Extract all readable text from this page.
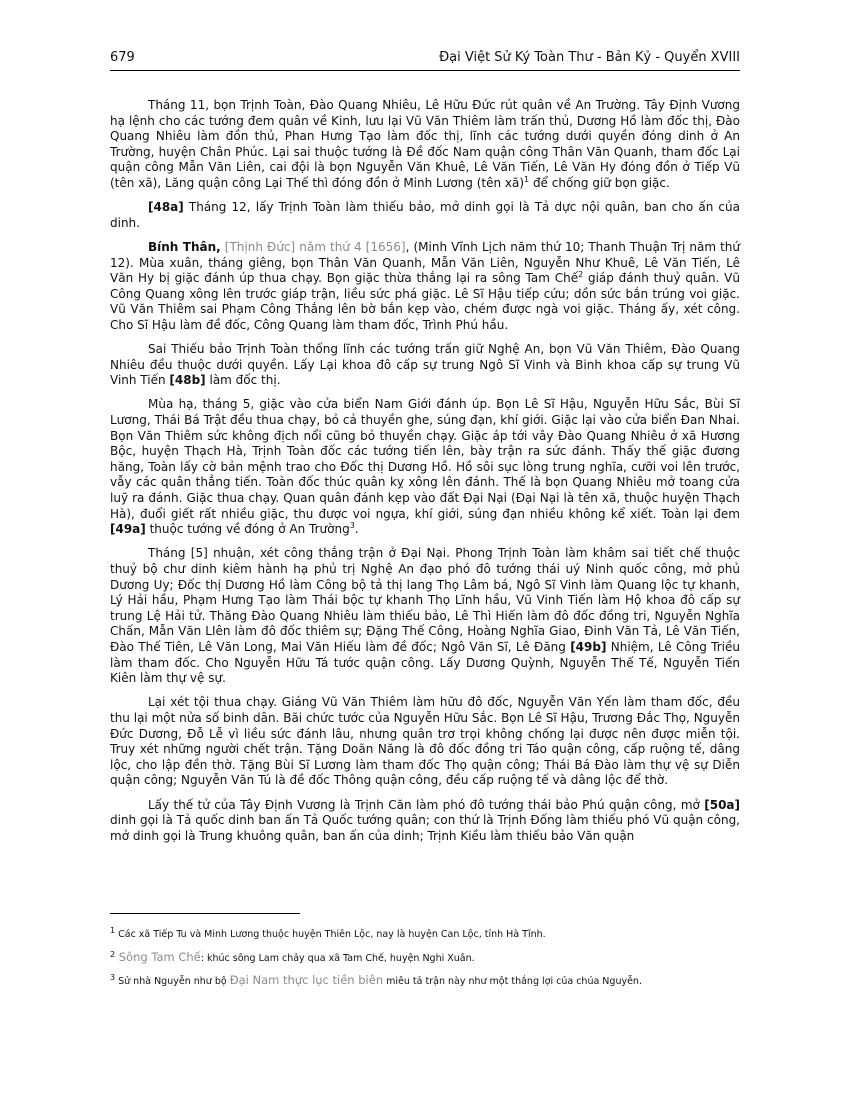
679	Đại Việt Sử Ký Toàn Thư - Bản Kỷ - Quyển XVIII

Tháng 11, bọn Trịnh Toàn, Đào Quang Nhiêu, Lê Hữu Đức rút quân về An Trường. Tây Định Vương hạ lệnh cho các tướng đem quân về Kinh, lưu lại Vũ Văn Thiêm làm trấn thủ, Dương Hồ làm đốc thị, Đào Quang Nhiêu làm đồn thủ, Phan Hưng Tạo làm đốc thị, lĩnh các tướng dưới quyền đóng dinh ở An Trường, huyện Chân Phúc. Lại sai thuộc tướng là Đề đốc Nam quận công Thân Văn Quanh, tham đốc Lại quận công Mẫn Văn Liên, cai đội là bọn Nguyễn Văn Khuê, Lê Văn Tiến, Lê Văn Hy đóng đồn ở Tiếp Vũ (tên xã), Lăng quận công Lại Thế thì đóng đồn ở Minh Lương (tên xã)$^1$ để chống giữ bọn giặc.

[48a] Tháng 12, lấy Trịnh Toàn làm thiếu bảo, mở dinh gọi là Tả dực nội quân, ban cho ấn của dinh.

Bính Thân, [Thịnh Đức] năm thứ 4 [1656], (Minh Vĩnh Lịch năm thứ 10; Thanh Thuận Trị năm thứ 12). Mùa xuân, tháng giêng, bọn Thân Văn Quanh, Mẫn Văn Liên, Nguyễn Như Khuê, Lê Văn Tiến, Lê Văn Hy bị giặc đánh úp thua chạy. Bọn giặc thừa thắng lại ra sông Tam Chế$^2$ giáp đánh thuỷ quân. Vũ Công Quang xông lên trước giáp trận, liều sức phá giặc. Lê Sĩ Hậu tiếp cứu; dồn sức bắn trúng voi giặc. Vũ Văn Thiêm sai Phạm Công Thắng lên bờ bắn kẹp vào, chém được ngà voi giặc. Tháng ấy, xét công. Cho Sĩ Hậu làm đề đốc, Công Quang làm tham đốc, Trình Phú hầu.

Sai Thiếu bảo Trịnh Toàn thống lĩnh các tướng trấn giữ Nghệ An, bọn Vũ Văn Thiêm, Đào Quang Nhiêu đều thuộc dưới quyền. Lấy Lại khoa đô cấp sự trung Ngô Sĩ Vinh và Binh khoa cấp sự trung Vũ Vinh Tiến [48b] làm đốc thị.

Mùa hạ, tháng 5, giặc vào cửa biển Nam Giới đánh úp. Bọn Lê Sĩ Hậu, Nguyễn Hữu Sắc, Bùi Sĩ Lương, Thái Bá Trật đều thua chạy, bỏ cả thuyền ghe, súng đạn, khí giới. Giặc lại vào cửa biển Đan Nhai. Bọn Văn Thiêm sức không địch nổi cũng bỏ thuyền chạy. Giặc áp tới vây Đào Quang Nhiêu ở xã Hương Bộc, huyện Thạch Hà, Trịnh Toàn đốc các tướng tiến lên, bày trận ra sức đánh. Thấy thế giặc đương hăng, Toàn lấy cờ bản mệnh trao cho Đốc thị Dương Hồ. Hồ sôi sục lòng trung nghĩa, cưỡi voi lên trước, vẫy các quân thẳng tiến. Toàn đốc thúc quân kỵ xông lên đánh. Thế là bọn Quang Nhiêu mở toang cửa luỹ ra đánh. Giặc thua chạy. Quan quân đánh kẹp vào đất Đại Nại (Đại Nại là tên xã, thuộc huyện Thạch Hà), đuổi giết rất nhiều giặc, thu được voi ngựa, khí giới, súng đạn nhiều không kể xiết. Toàn lại đem [49a] thuộc tướng về đóng ở An Trường$^3$.

Tháng [5] nhuận, xét công thắng trận ở Đại Nại. Phong Trịnh Toàn làm khâm sai tiết chế thuộc thuỷ bộ chư dinh kiêm hành hạ phủ trị Nghệ An đạo phó đô tướng thái uý Ninh quốc công, mở phủ Dương Uy; Đốc thị Dương Hồ làm Công bộ tả thị lang Thọ Lâm bá, Ngô Sĩ Vinh làm Quang lộc tự khanh, Lý Hải hầu, Phạm Hưng Tạo làm Thái bộc tự khanh Thọ Lĩnh hầu, Vũ Vinh Tiến làm Hộ khoa đô cấp sự trung Lệ Hải tử. Thăng Đào Quang Nhiêu làm thiếu bảo, Lê Thì Hiến làm đô đốc đồng tri, Nguyễn Nghĩa Chấn, Mẫn Văn LIên làm đô đốc thiêm sự; Đặng Thế Công, Hoàng Nghĩa Giao, Đinh Văn Tả, Lê Văn Tiến, Đào Thế Tiên, Lê Văn Long, Mai Văn Hiếu làm đề đốc; Ngô Văn Sĩ, Lê Đăng [49b] Nhiệm, Lê Công Triều làm tham đốc. Cho Nguyễn Hữu Tá tước quận công. Lấy Dương Quỳnh, Nguyễn Thế Tế, Nguyễn Tiến Kiên làm thự vệ sự.

Lại xét tội thua chạy. Giáng Vũ Văn Thiêm làm hữu đô đốc, Nguyễn Văn Yến làm tham đốc, đều thu lại một nửa số binh dân. Bãi chức tước của Nguyễn Hữu Sắc. Bọn Lê Sĩ Hậu, Trương Đắc Thọ, Nguyễn Đức Dương, Đỗ Lễ vì liều sức đánh lâu, nhưng quân trơ trọi không chống lại được nên được miễn tội. Truy xét những người chết trận. Tặng Doãn Năng là đô đốc đồng tri Táo quận công, cấp ruộng tế, dâng lộc, cho lập đền thờ. Tặng Bùi Sĩ Lương làm tham đốc Thọ quận công; Thái Bá Đào làm thự vệ sự Diễn quận công; Nguyễn Văn Tú là đề đốc Thông quận công, đều cấp ruộng tế và dâng lộc để thờ.

Lấy thế tử của Tây Định Vương là Trịnh Căn làm phó đô tướng thái bảo Phú quận công, mở [50a] dinh gọi là Tả quốc dinh ban ấn Tả Quốc tướng quân; con thứ là Trịnh Đống làm thiếu phó Vũ quận công, mở dinh gọi là Trung khuông quân, ban ấn của dinh; Trịnh Kiều làm thiếu bảo Văn quận

$^1$ Các xã Tiếp Tu và Minh Lương thuộc huyện Thiên Lộc, nay là huyện Can Lộc, tỉnh Hà Tĩnh.
$^2$ Sông Tam Chế: khúc sông Lam chảy qua xã Tam Chế, huyện Nghi Xuân.
$^3$ Sử nhà Nguyễn như bộ Đại Nam thực lục tiền biên miêu tả trận này như một thắng lợi của chúa Nguyễn.
